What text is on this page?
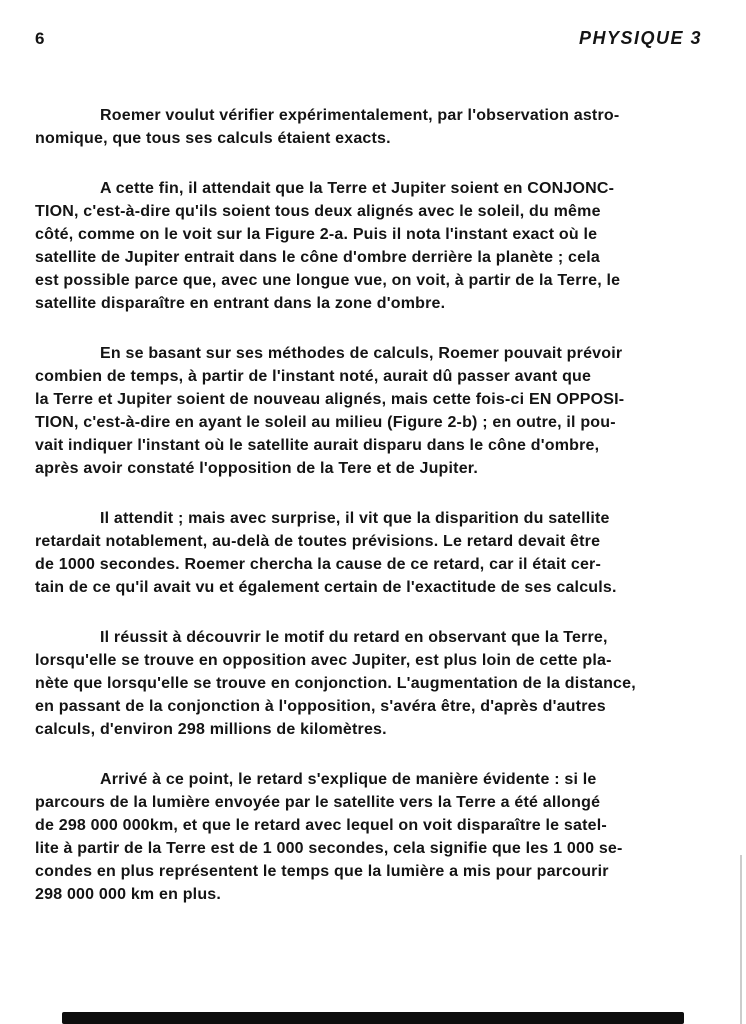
6	PHYSIQUE 3
Roemer voulut vérifier expérimentalement, par l'observation astro-
nomique, que tous ses calculs étaient exacts.
A cette fin, il attendait que la Terre et Jupiter soient en CONJONC-
TION, c'est-à-dire qu'ils soient tous deux alignés avec le soleil, du même
côté, comme on le voit sur la Figure 2-a. Puis il nota l'instant exact où le
satellite de Jupiter entrait dans le cône d'ombre derrière la planète ; cela
est possible parce que, avec une longue vue, on voit, à partir de la Terre, le
satellite disparaître en entrant dans la zone d'ombre.
En se basant sur ses méthodes de calculs, Roemer pouvait prévoir
combien de temps, à partir de l'instant noté, aurait dû passer avant que
la Terre et Jupiter soient de nouveau alignés, mais cette fois-ci EN OPPOSI-
TION, c'est-à-dire en ayant le soleil au milieu (Figure 2-b) ; en outre, il pou-
vait indiquer l'instant où le satellite aurait disparu dans le cône d'ombre,
après avoir constaté l'opposition de la Tere et de Jupiter.
Il attendit ; mais avec surprise, il vit que la disparition du satellite
retardait notablement, au-delà de toutes prévisions. Le retard devait être
de 1000 secondes. Roemer chercha la cause de ce retard, car il était cer-
tain de ce qu'il avait vu et également certain de l'exactitude de ses calculs.
Il réussit à découvrir le motif du retard en observant que la Terre,
lorsqu'elle se trouve en opposition avec Jupiter, est plus loin de cette pla-
nète que lorsqu'elle se trouve en conjonction. L'augmentation de la distance,
en passant de la conjonction à l'opposition, s'avéra être, d'après d'autres
calculs, d'environ 298 millions de kilomètres.
Arrivé à ce point, le retard s'explique de manière évidente : si le
parcours de la lumière envoyée par le satellite vers la Terre a été allongé
de 298 000 000km, et que le retard avec lequel on voit disparaître le satel-
lite à partir de la Terre est de 1 000 secondes, cela signifie que les 1 000 se-
condes en plus représentent le temps que la lumière a mis pour parcourir
298 000 000 km en plus.
